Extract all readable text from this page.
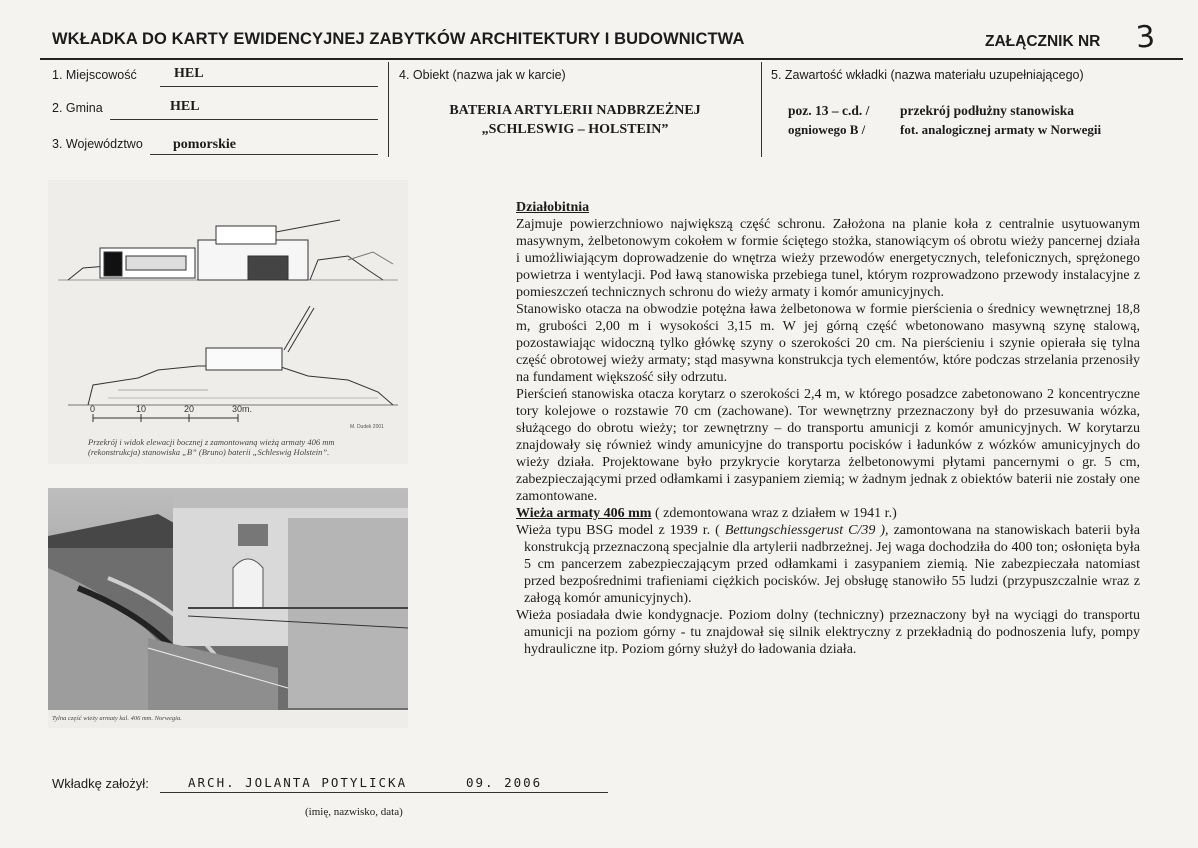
WKŁADKA DO KARTY EWIDENCYJNEJ ZABYTKÓW ARCHITEKTURY I BUDOWNICTWA	ZAŁĄCZNIK NR 3
1. Miejscowość	HEL
2. Gmina	HEL
3. Województwo pomorskie
4. Obiekt (nazwa jak w karcie)
BATERIA ARTYLERII NADBRZEŻNEJ
„SCHLESWIG – HOLSTEIN”
5. Zawartość wkładki (nazwa materiału uzupełniającego)
poz. 13 – c.d. / przekrój podłużny stanowiska
ogniowego B /	fot. analogicznej armaty w Norwegii
0	10	20	30m.
M. Dudek 2001
Przekrój i widok elewacji bocznej z zamontowaną wieżą armaty 406 mm
(rekonstrukcja) stanowiska „B” (Bruno) baterii „Schleswig Holstein”.
Tylna część wieży armaty kal. 406 mm. Norwegia.

Działobitnia

Zajmuje powierzchniowo największą część schronu. Założona na planie koła z centralnie usytuowanym masywnym, żelbetonowym cokołem w formie ściętego stożka, stanowiącym oś obrotu wieży pancernej działa i umożliwiającym doprowadzenie do wnętrza wieży przewodów energetycznych, telefonicznych, sprężonego powietrza i wentylacji. Pod ławą stanowiska przebiega tunel, którym rozprowadzono przewody instalacyjne z pomieszczeń technicznych schronu do wieży armaty i komór amunicyjnych.

Stanowisko otacza na obwodzie potężna ława żelbetonowa w formie pierścienia o średnicy wewnętrznej 18,8 m, grubości 2,00 m i wysokości 3,15 m. W jej górną część wbetonowano masywną szynę stalową, pozostawiając widoczną tylko główkę szyny o szerokości 20 cm. Na pierścieniu i szynie opierała się tylna część obrotowej wieży armaty; stąd masywna konstrukcja tych elementów, które podczas strzelania przenosiły na fundament większość siły odrzutu.

Pierścień stanowiska otacza korytarz o szerokości 2,4 m, w którego posadzce zabetonowano 2 koncentryczne tory kolejowe o rozstawie 70 cm (zachowane). Tor wewnętrzny przeznaczony był do przesuwania wózka, służącego do obrotu wieży; tor zewnętrzny – do transportu amunicji z komór amunicyjnych. W korytarzu znajdowały się również windy amunicyjne do transportu pocisków i ładunków z wózków amunicyjnych do wieży działa. Projektowane było przykrycie korytarza żelbetonowymi płytami pancernymi o gr. 5 cm, zabezpieczającymi przed odłamkami i zasypaniem ziemią; w żadnym jednak z obiektów baterii nie zostały one zamontowane.

Wieża armaty 406 mm ( zdemontowana wraz z działem w 1941 r.)

Wieża typu BSG model z 1939 r. ( Bettungschiessgerust C/39 ), zamontowana na stanowiskach baterii była konstrukcją przeznaczoną specjalnie dla artylerii nadbrzeżnej. Jej waga dochodziła do 400 ton; osłonięta była 5 cm pancerzem zabezpieczającym przed odłamkami i zasypaniem ziemią. Nie zabezpieczała natomiast przed bezpośrednimi trafieniami ciężkich pocisków. Jej obsługę stanowiło 55 ludzi (przypuszczalnie wraz z załogą komór amunicyjnych).

Wieża posiadała dwie kondygnacje. Poziom dolny (techniczny) przeznaczony był na wyciągi do transportu amunicji na poziom górny - tu znajdował się silnik elektryczny z przekładnią do podnoszenia lufy, pompy hydrauliczne itp. Poziom górny służył do ładowania działa.

Wkładkę założył:	ARCH. JOLANTA POTYLICKA	09. 2006
(imię, nazwisko, data)
